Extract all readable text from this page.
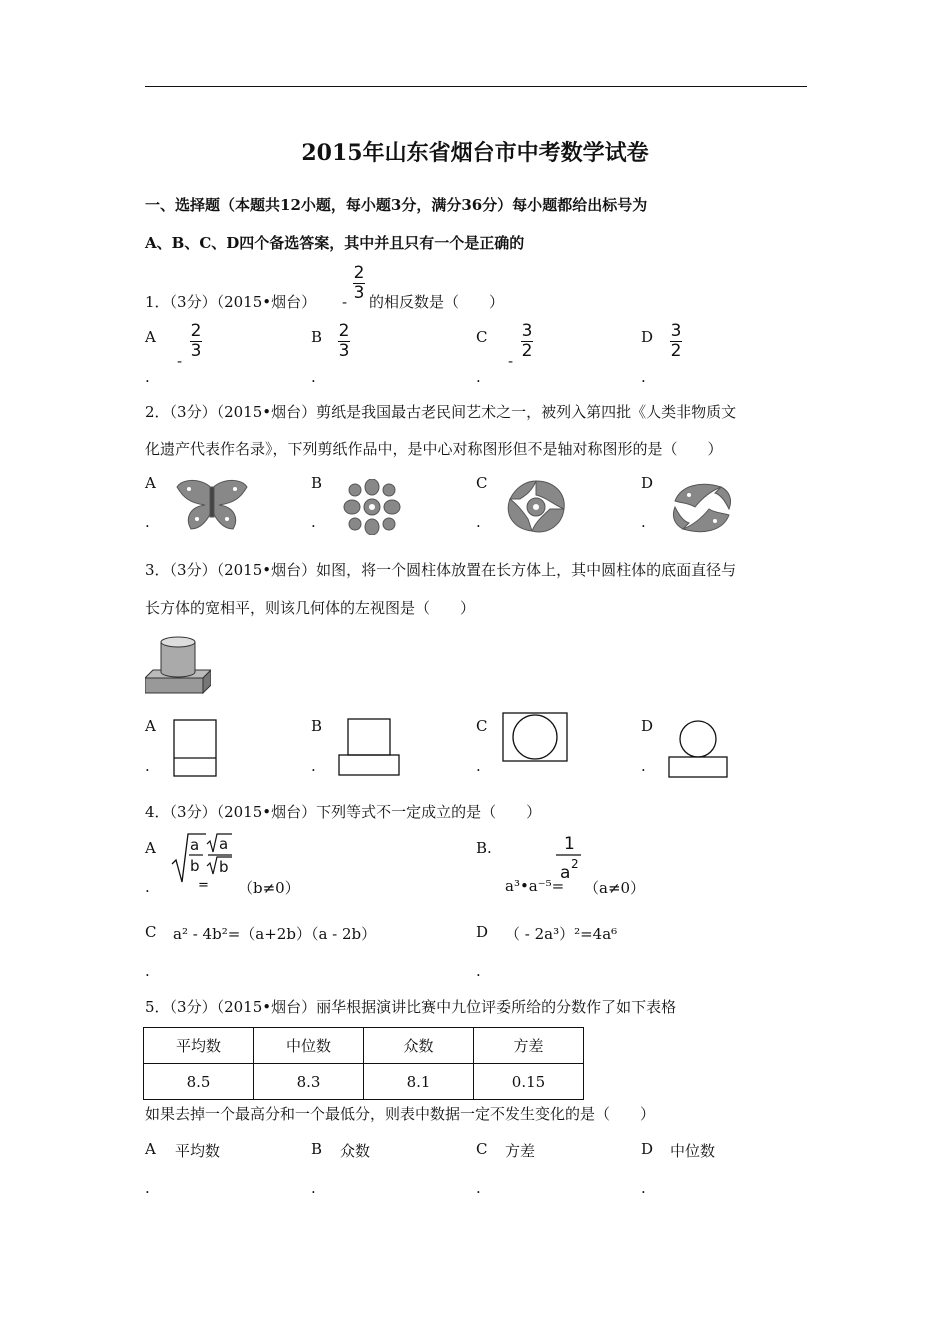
2015年山东省烟台市中考数学试卷
一、选择题（本题共12小题，每小题3分，满分36分）每小题都给出标号为
A、B、C、D四个备选答案，其中并且只有一个是正确的
1．（3分）（2015•烟台） -
2
3 的相反数是（　　）
A
-
2
3
.
B 2
3
.
C
-
3
2
.
D 3
2
.
2．（3分）（2015•烟台）剪纸是我国最古老民间艺术之一，被列入第四批《人类非物质文
化遗产代表作名录》，下列剪纸作品中，是中心对称图形但不是轴对称图形的是（　　）
A
.
B
.
C
.
D
.
3．（3分）（2015•烟台）如图，将一个圆柱体放置在长方体上，其中圆柱体的底面直径与
长方体的宽相平，则该几何体的左视图是（　　）
A
.
B
.
C
.
D
.
4．（3分）（2015•烟台）下列等式不一定成立的是（　　）
A
.
a
b
a
b
= （b≠0）
B.
a³•a⁻⁵=
1
a 2
（a≠0）
C a² - 4b²=（a+2b）（a - 2b）
.
D （ - 2a³）²=4a⁶
.
5．（3分）（2015•烟台）丽华根据演讲比赛中九位评委所给的分数作了如下表格
平均数	中位数	众数	方差
8.5	8.3	8.1	0.15
如果去掉一个最高分和一个最低分，则表中数据一定不发生变化的是（　　）
A 平均数
.
B 众数
.
C 方差
.
D 中位数
.
